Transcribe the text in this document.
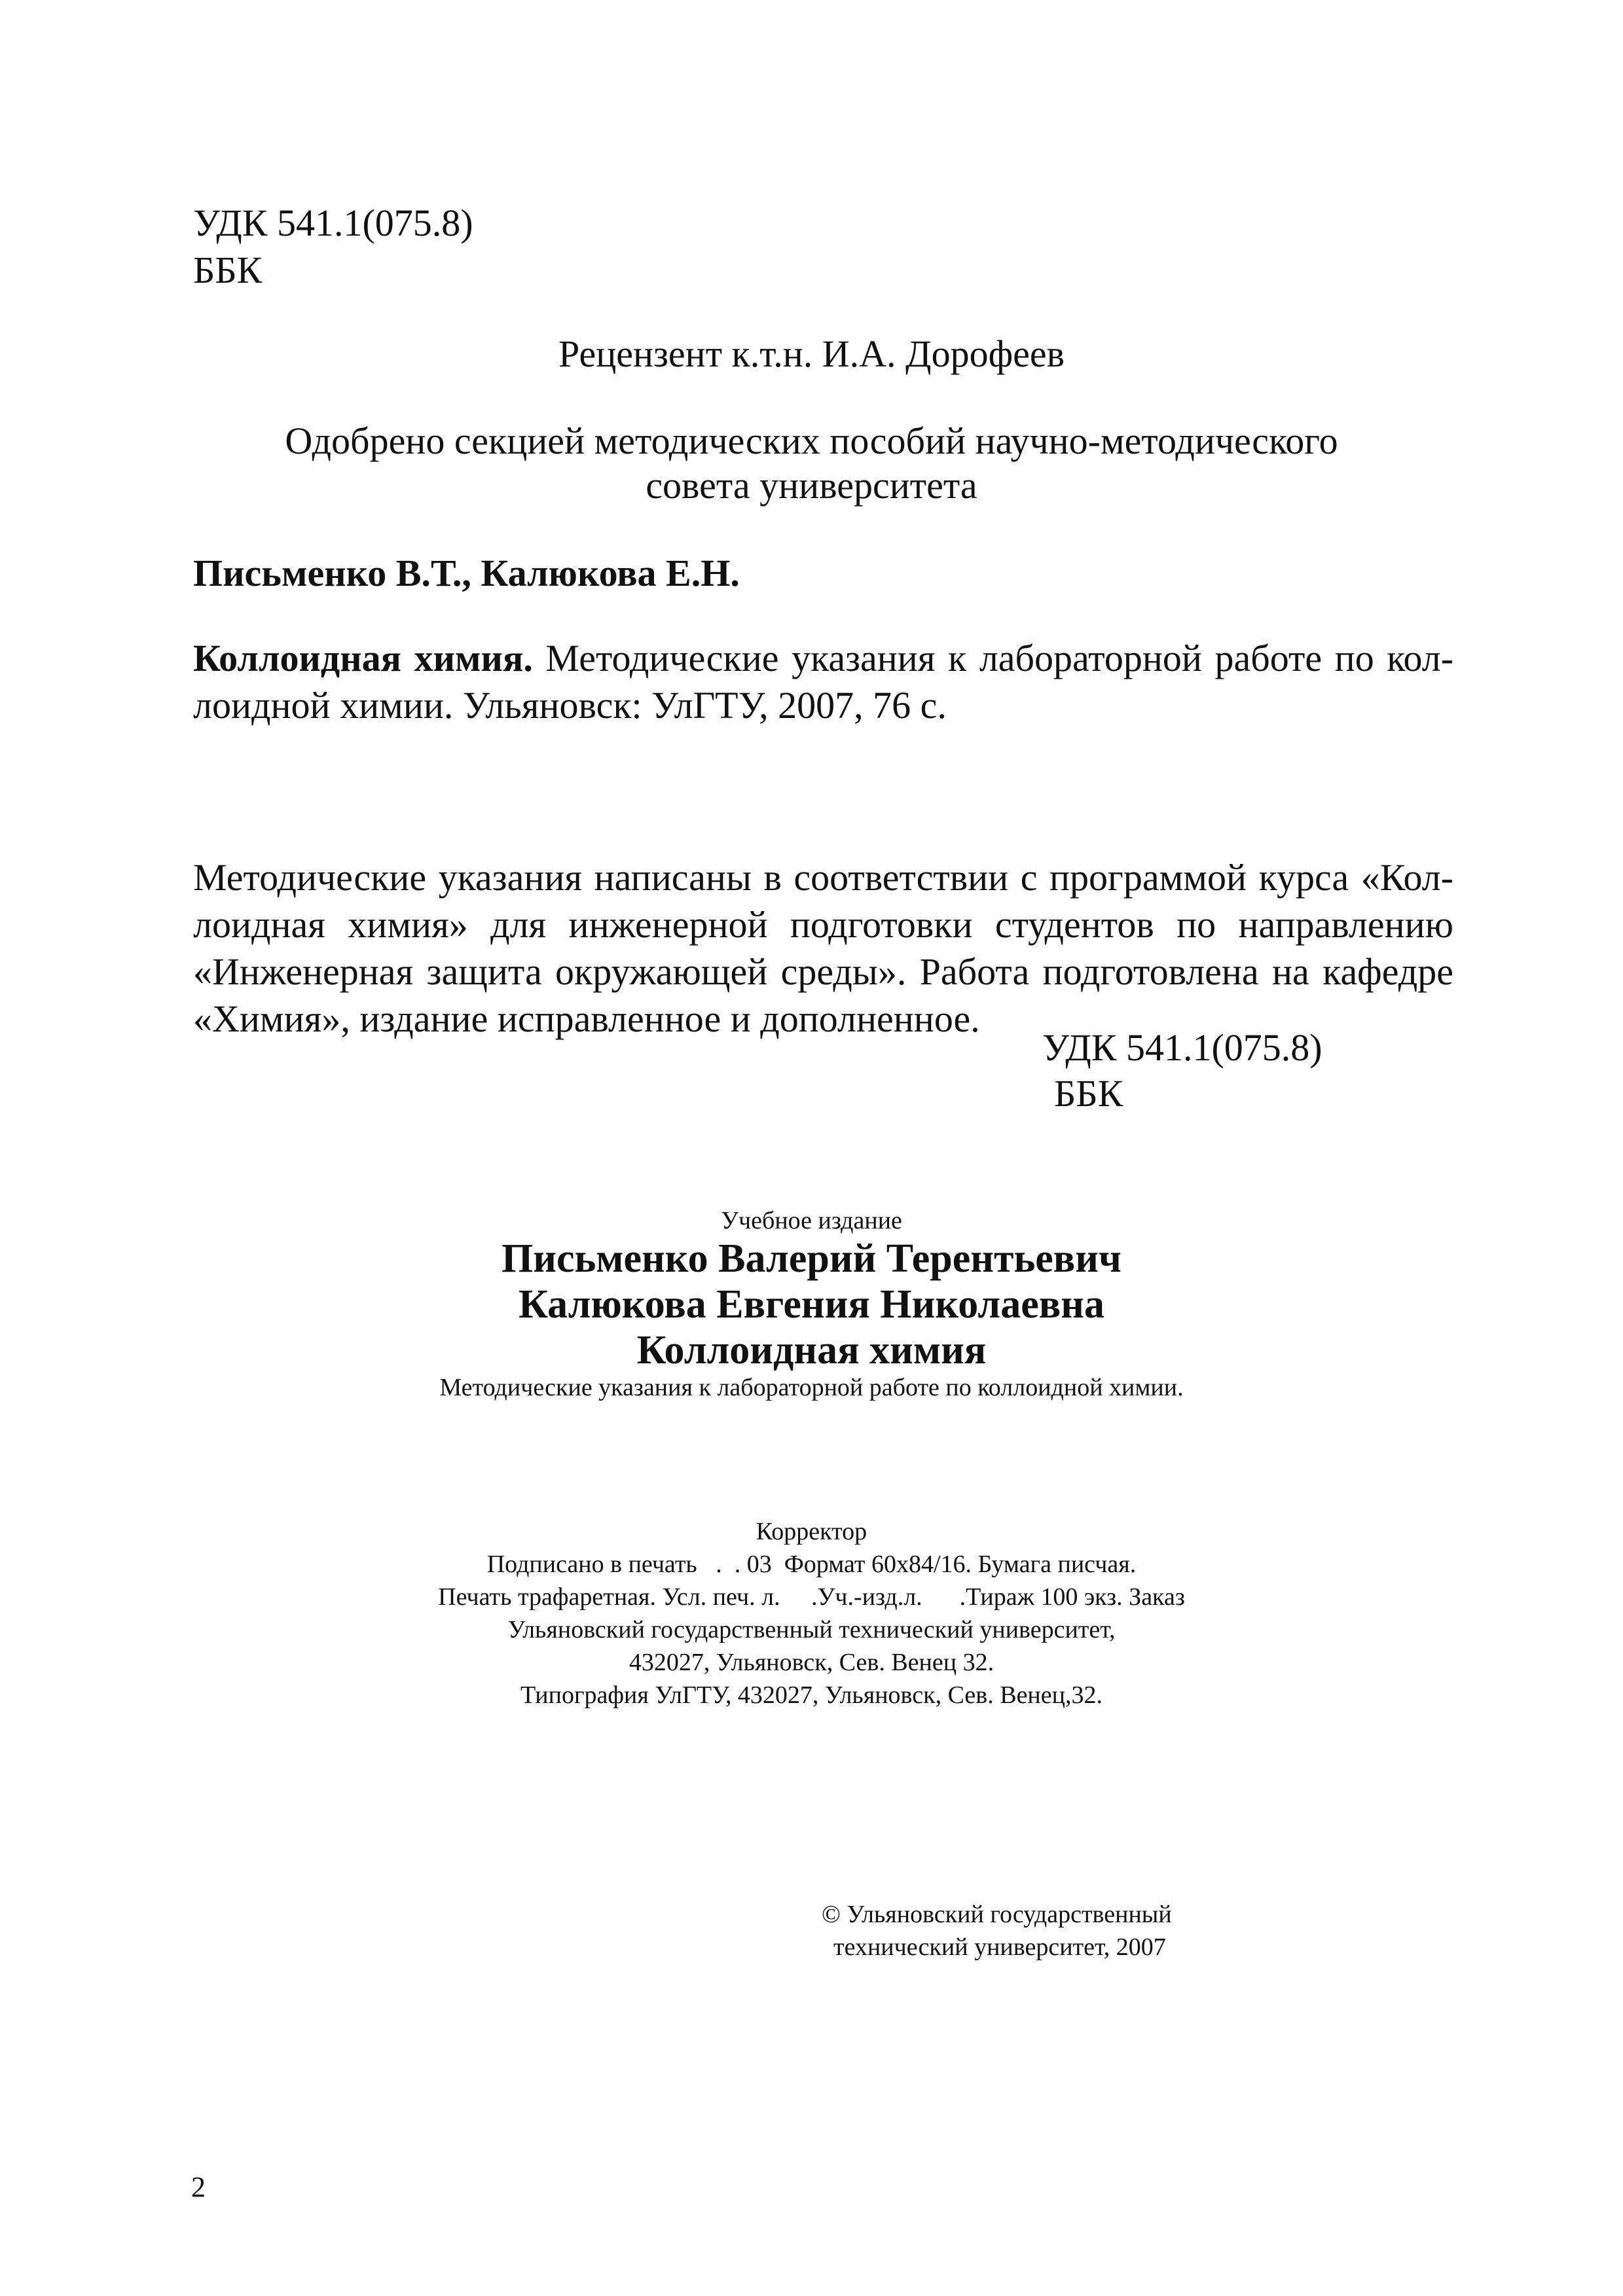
УДК 541.1(075.8)
ББК
Рецензент к.т.н. И.А. Дорофеев
Одобрено секцией методических пособий научно-методического
совета университета
Письменко В.Т., Калюкова Е.Н.
Коллоидная химия. Методические указания к лабораторной работе по кол-
лоидной химии. Ульяновск: УлГТУ, 2007, 76 с.
Методические указания написаны в соответствии с программой курса «Кол-
лоидная химия» для инженерной подготовки студентов по направлению
«Инженерная защита окружающей среды». Работа подготовлена на кафедре
«Химия», издание исправленное и дополненное.
УДК 541.1(075.8)
ББК
Учебное издание
Письменко Валерий Терентьевич
Калюкова Евгения Николаевна
Коллоидная химия
Методические указания к лабораторной работе по коллоидной химии.
Корректор
Подписано в печать   .  . 03  Формат 60x84/16. Бумага писчая.
Печать трафаретная. Усл. печ. л.     .Уч.-изд.л.      .Тираж 100 экз. Заказ
Ульяновский государственный технический университет,
432027, Ульяновск, Сев. Венец 32.
Типография УлГТУ, 432027, Ульяновск, Сев. Венец,32.
© Ульяновский государственный
технический университет, 2007
2
